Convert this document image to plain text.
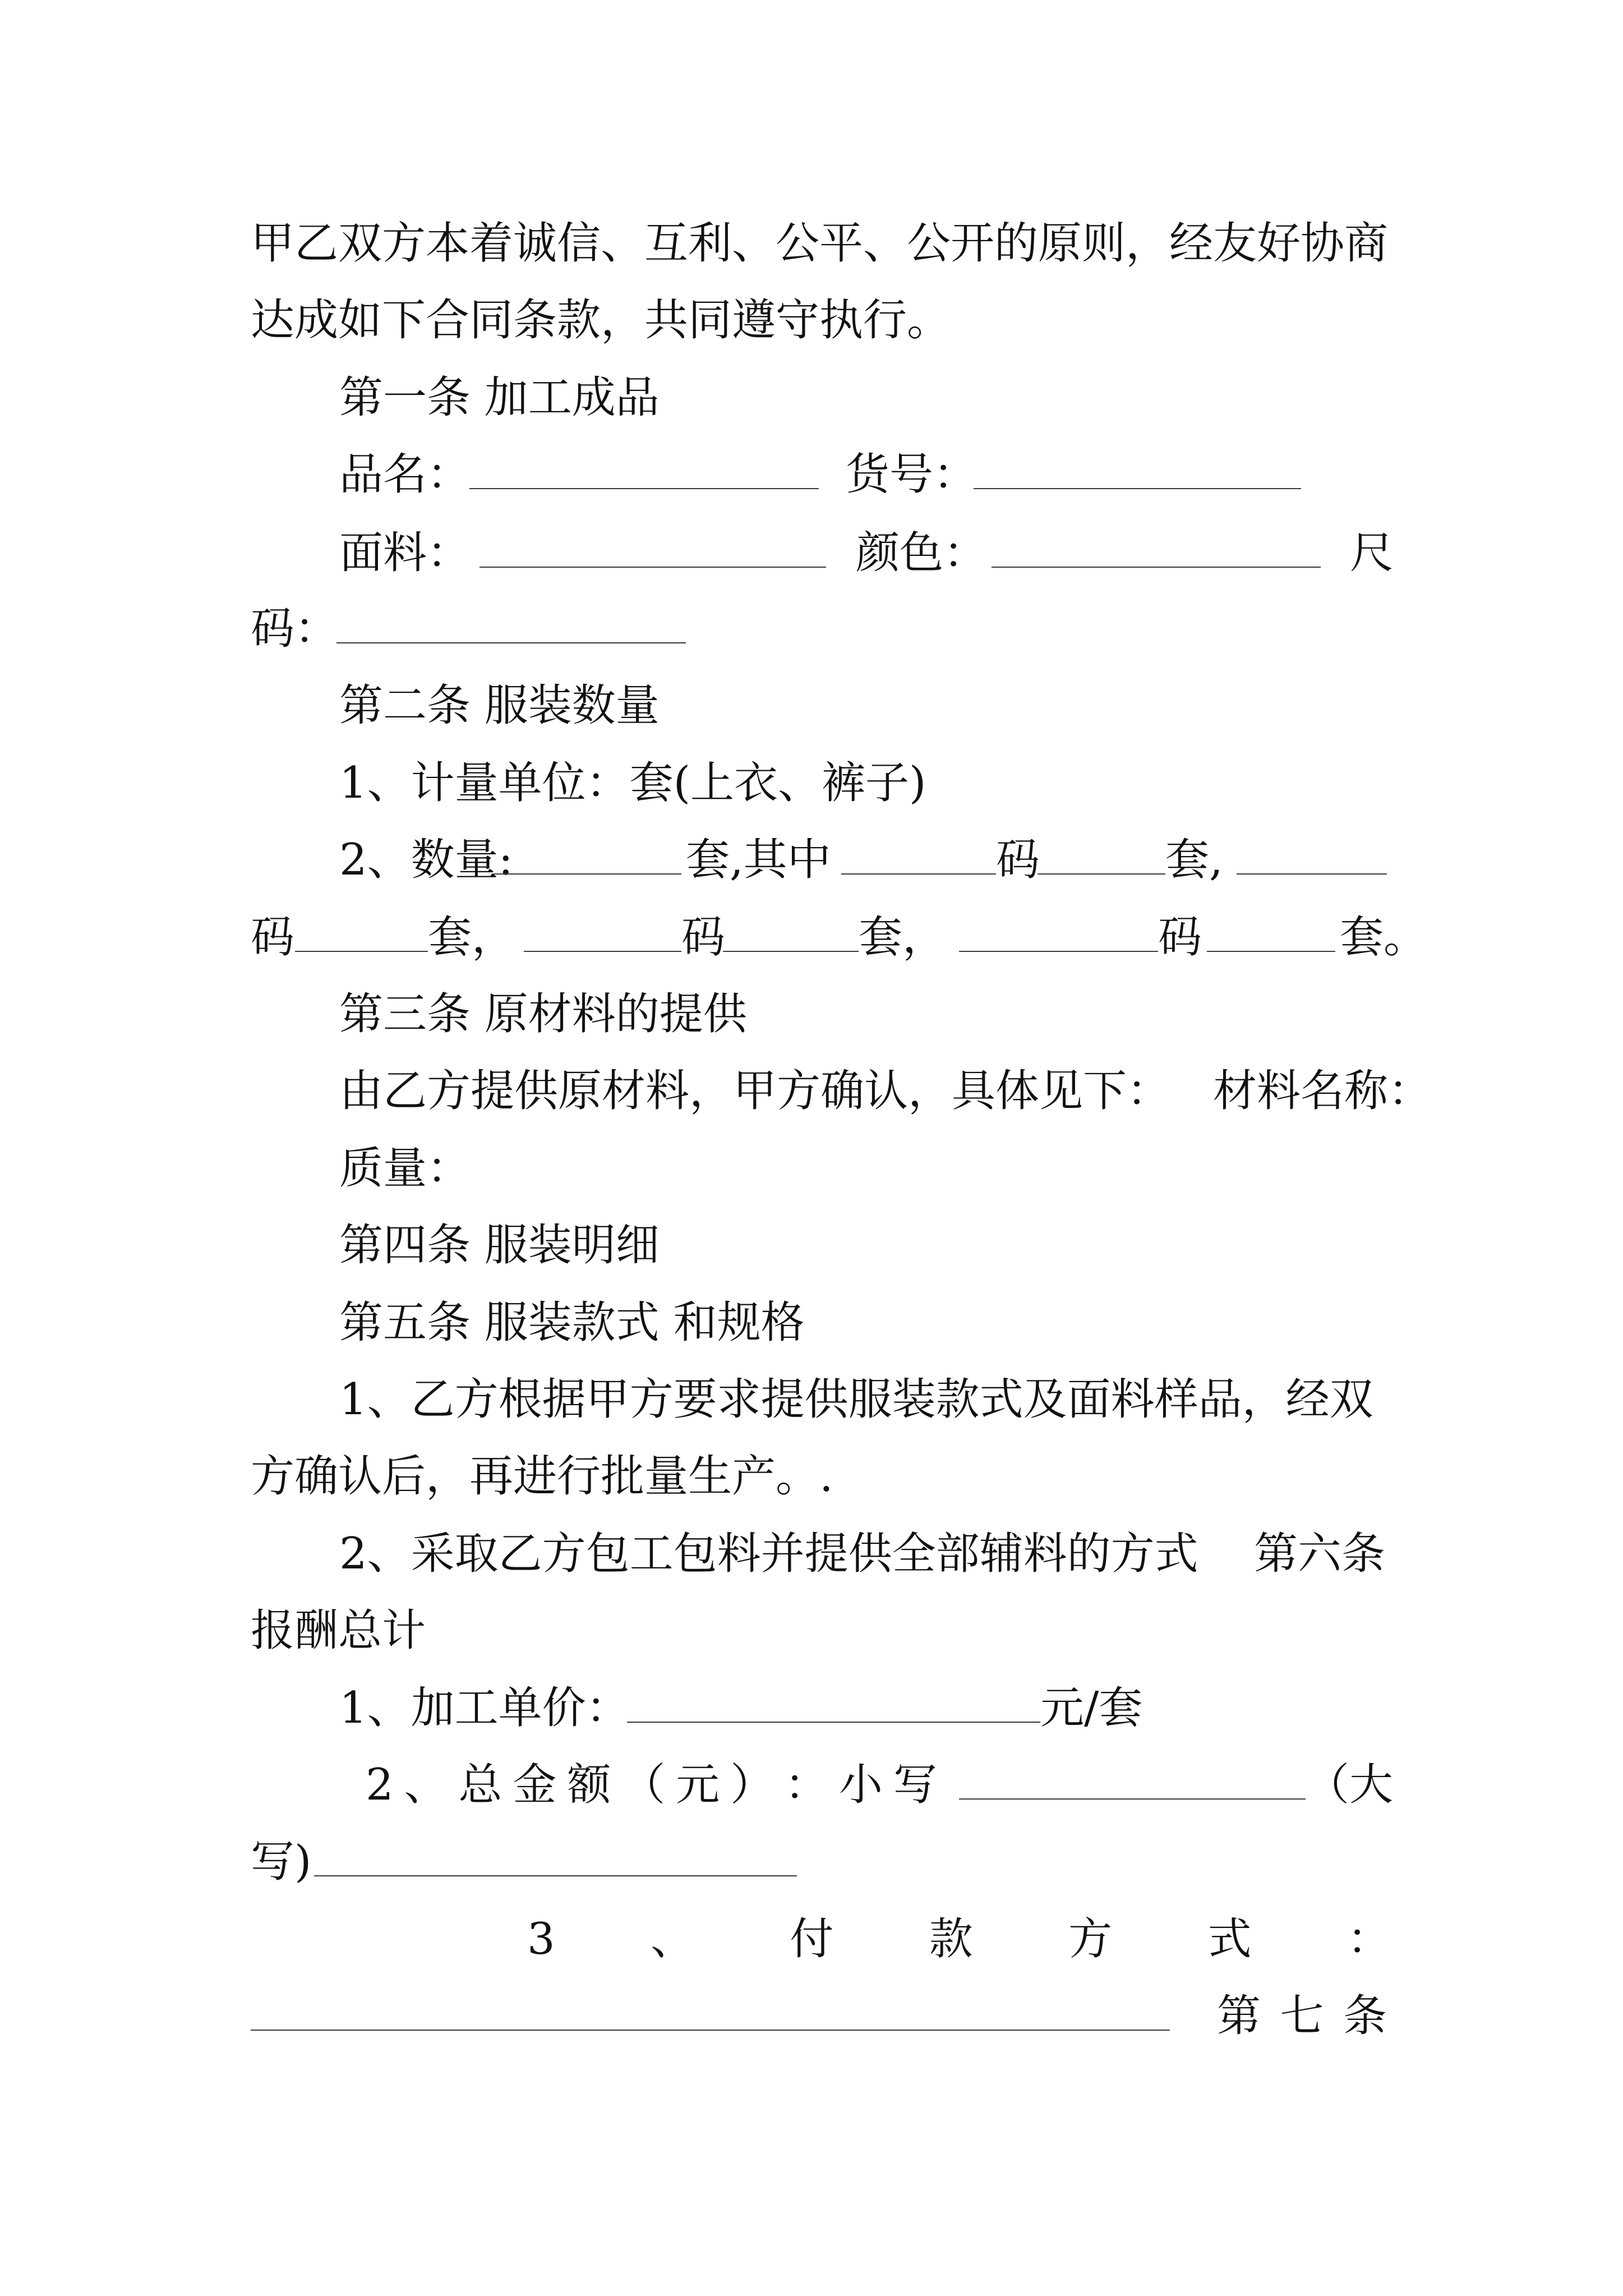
甲乙双方本着诚信、互利、公平、公开的原则，经友好协商
达成如下合同条款，共同遵守执行。
第一条 加工成品
品名：	货号：
面料：	颜色：	尺
码：
第二条 服装数量
1、计量单位：套(上衣、裤子)
2、数量:	套,其中	码	套,
码	套，	码	套，	码	套。
第三条 原材料的提供
由乙方提供原材料，甲方确认，具体见下： 材料名称：
质量：
第四条 服装明细
第五条 服装款式 和规格
1、乙方根据甲方要求提供服装款式及面料样品，经双
方确认后，再进行批量生产。.
2、采取乙方包工包料并提供全部辅料的方式 第六条
报酬总计
1、加工单价：	元/套
2 、 总 金 额 （ 元 ） ： 小 写	（大
写)
3 、 付 款 方 式 ：
第 七 条
